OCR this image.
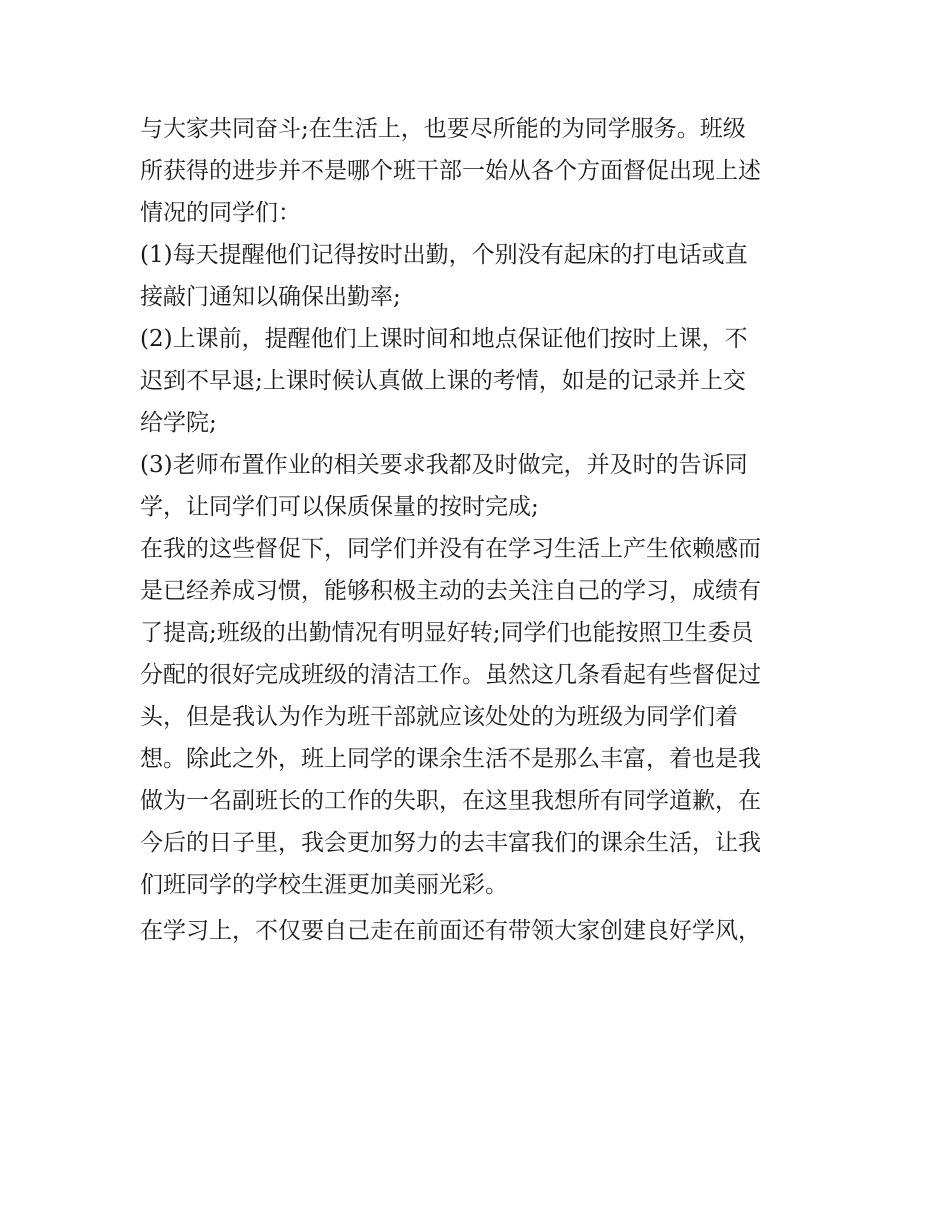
与大家共同奋斗;在生活上，也要尽所能的为同学服务。班级
所获得的进步并不是哪个班干部一始从各个方面督促出现上述
情况的同学们：
(1)每天提醒他们记得按时出勤，个别没有起床的打电话或直
接敲门通知以确保出勤率;
(2)上课前，提醒他们上课时间和地点保证他们按时上课，不
迟到不早退;上课时候认真做上课的考情，如是的记录并上交
给学院;
(3)老师布置作业的相关要求我都及时做完，并及时的告诉同
学，让同学们可以保质保量的按时完成;
在我的这些督促下，同学们并没有在学习生活上产生依赖感而
是已经养成习惯，能够积极主动的去关注自己的学习，成绩有
了提高;班级的出勤情况有明显好转;同学们也能按照卫生委员
分配的很好完成班级的清洁工作。虽然这几条看起有些督促过
头，但是我认为作为班干部就应该处处的为班级为同学们着
想。除此之外，班上同学的课余生活不是那么丰富，着也是我
做为一名副班长的工作的失职，在这里我想所有同学道歉，在
今后的日子里，我会更加努力的去丰富我们的课余生活，让我
们班同学的学校生涯更加美丽光彩。
在学习上，不仅要自己走在前面还有带领大家创建良好学风，
